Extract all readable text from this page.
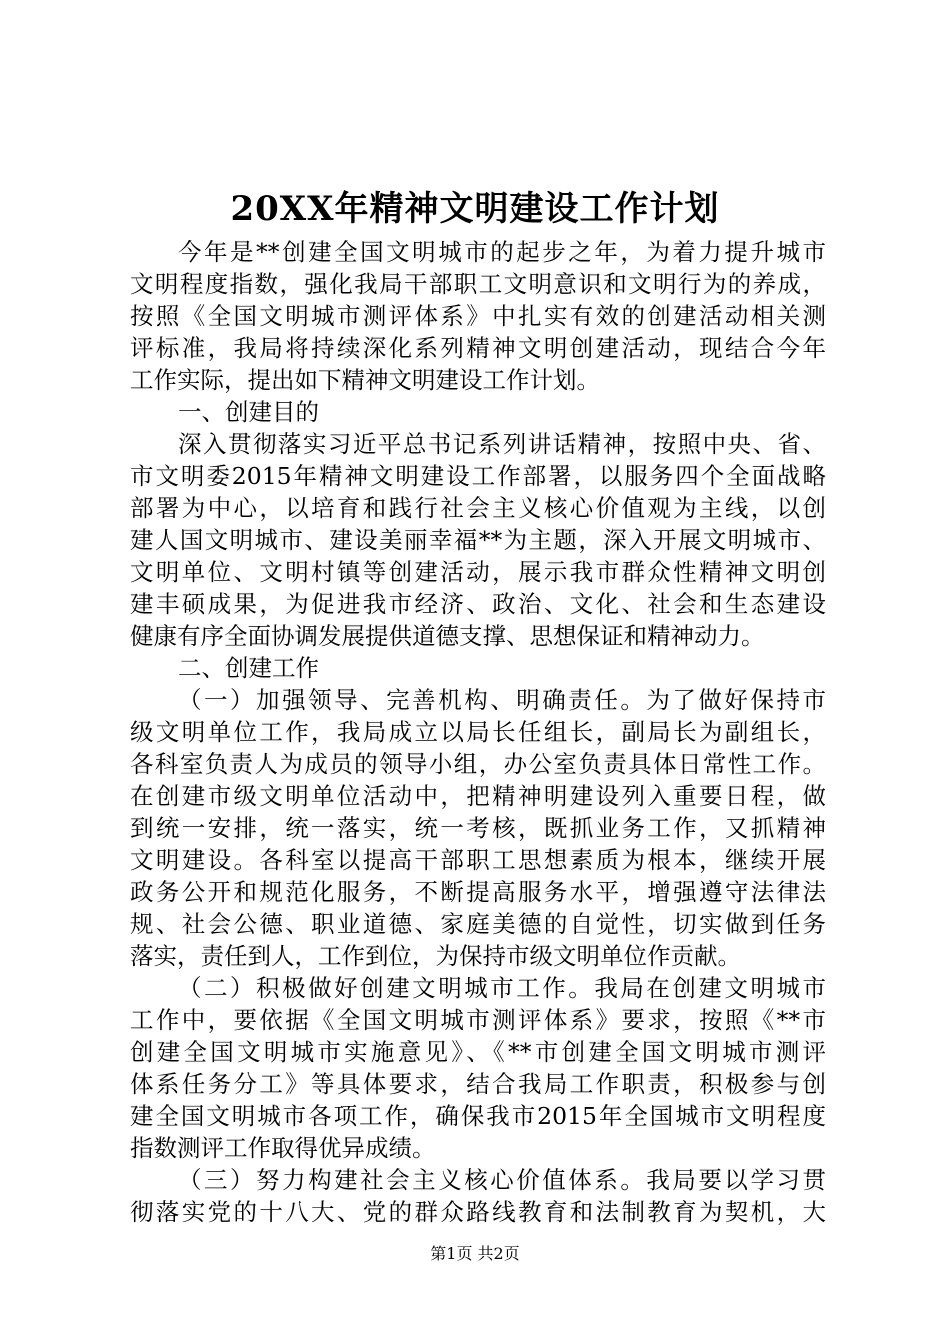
20XX年精神文明建设工作计划
今年是**创建全国文明城市的起步之年，为着力提升城市
文明程度指数，强化我局干部职工文明意识和文明行为的养成，
按照《全国文明城市测评体系》中扎实有效的创建活动相关测
评标准，我局将持续深化系列精神文明创建活动，现结合今年
工作实际，提出如下精神文明建设工作计划。
一、创建目的
深入贯彻落实习近平总书记系列讲话精神，按照中央、省、
市文明委2015年精神文明建设工作部署，以服务四个全面战略
部署为中心，以培育和践行社会主义核心价值观为主线，以创
建人国文明城市、建设美丽幸福**为主题，深入开展文明城市、
文明单位、文明村镇等创建活动，展示我市群众性精神文明创
建丰硕成果，为促进我市经济、政治、文化、社会和生态建设
健康有序全面协调发展提供道德支撑、思想保证和精神动力。
二、创建工作
（一）加强领导、完善机构、明确责任。为了做好保持市
级文明单位工作，我局成立以局长任组长，副局长为副组长，
各科室负责人为成员的领导小组，办公室负责具体日常性工作。
在创建市级文明单位活动中，把精神明建设列入重要日程，做
到统一安排，统一落实，统一考核，既抓业务工作，又抓精神
文明建设。各科室以提高干部职工思想素质为根本，继续开展
政务公开和规范化服务，不断提高服务水平，增强遵守法律法
规、社会公德、职业道德、家庭美德的自觉性，切实做到任务
落实，责任到人，工作到位，为保持市级文明单位作贡献。
（二）积极做好创建文明城市工作。我局在创建文明城市
工作中，要依据《全国文明城市测评体系》要求，按照《**市
创建全国文明城市实施意见》、《**市创建全国文明城市测评
体系任务分工》等具体要求，结合我局工作职责，积极参与创
建全国文明城市各项工作，确保我市2015年全国城市文明程度
指数测评工作取得优异成绩。
（三）努力构建社会主义核心价值体系。我局要以学习贯
彻落实党的十八大、党的群众路线教育和法制教育为契机，大
第1页 共2页
